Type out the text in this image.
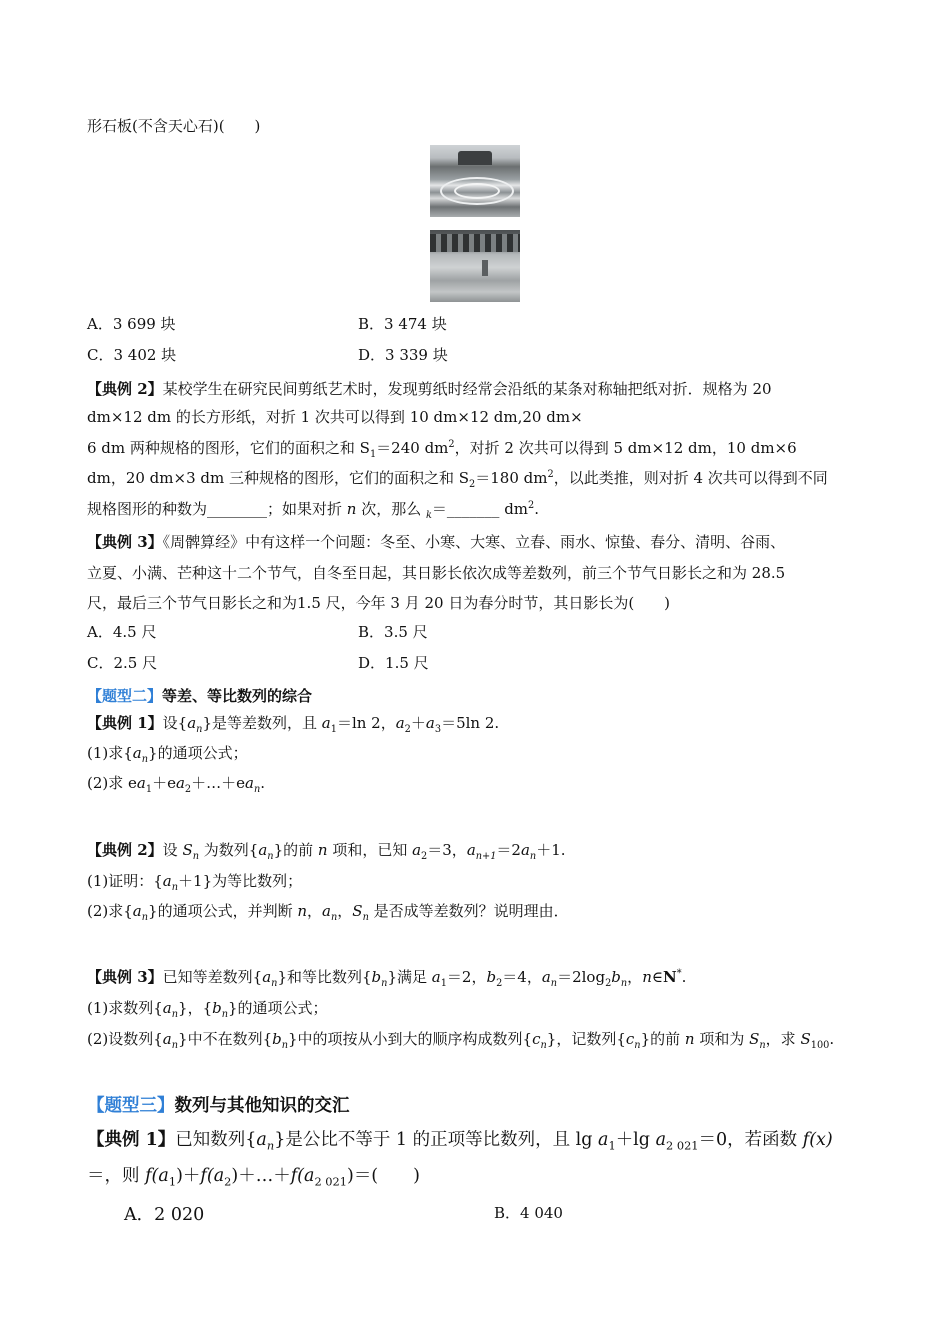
形石板(不含天心石)(　　)
A．3 699 块	B．3 474 块
C．3 402 块	D．3 339 块
【典例 2】某校学生在研究民间剪纸艺术时，发现剪纸时经常会沿纸的某条对称轴把纸对折．规格为 20
dm×12 dm 的长方形纸，对折 1 次共可以得到 10 dm×12 dm,20 dm×
6 dm 两种规格的图形，它们的面积之和 $S_1=240$ $dm^2$，对折 2 次共可以得到 5 dm×12 dm，10 dm×6
dm，20 dm×3 dm 三种规格的图形，它们的面积之和 $S_2=180$ $dm^2$，以此类推，则对折 4 次共可以得到不同
规格图形的种数为________；如果对折 n 次，那么 $_k$＝_______ $dm^2$.
【典例 3】《周髀算经》中有这样一个问题：冬至、小寒、大寒、立春、雨水、惊蛰、春分、清明、谷雨、
立夏、小满、芒种这十二个节气，自冬至日起，其日影长依次成等差数列，前三个节气日影长之和为 28.5
尺，最后三个节气日影长之和为1.5 尺，今年 3 月 20 日为春分时节，其日影长为(　　)
A．4.5 尺	B．3.5 尺
C．2.5 尺	D．1.5 尺
【题型二】等差、等比数列的综合
【典例 1】设$\{a_n\}$是等差数列，且 $a_1=\ln$ 2，$a_2+a_3=5\ln$ 2.
(1)求$\{a_n\}$的通项公式；
(2)求 $ea_1+ea_2+\dots+ea_n$.
【典例 2】设 $S_n$ 为数列$\{a_n\}$的前 n 项和，已知 $a_2=3$，$a_{n+1}=2a_n+1$.
(1)证明：$\{a_n+1\}$为等比数列；
(2)求$\{a_n\}$的通项公式，并判断 n，$a_n$，$S_n$ 是否成等差数列？说明理由．
【典例 3】已知等差数列$\{a_n\}$和等比数列$\{b_n\}$满足 $a_1=2$，$b_2=4$，$a_n=2\log_2b_n$，n∈N*.
(1)求数列$\{a_n\}$，$\{b_n\}$的通项公式；
(2)设数列$\{a_n\}$中不在数列$\{b_n\}$中的项按从小到大的顺序构成数列$\{c_n\}$，记数列$\{c_n\}$的前 n 项和为 $S_n$，求 $S_{100}$.
【题型三】数列与其他知识的交汇
【典例 1】已知数列$\{a_n\}$是公比不等于 1 的正项等比数列，且 $\lg a_1+\lg$ $a_{2 021}=0$，若函数 f(x)
＝，则 $f(a_1)+f(a_2)+\dots+f(a_{2 021})=$(　　)
A．2 020	B．4 040
